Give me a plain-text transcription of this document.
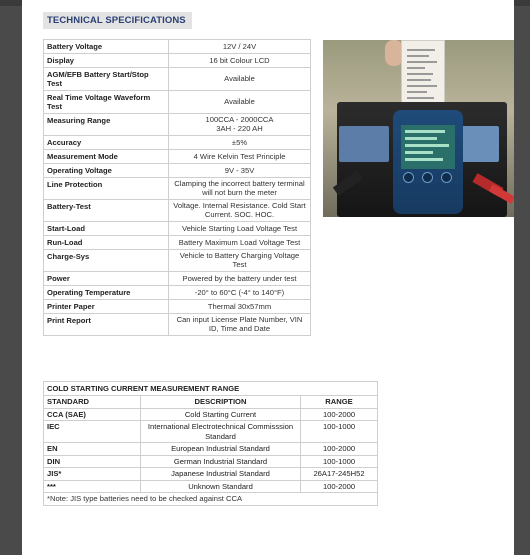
TECHNICAL SPECIFICATIONS
Battery Voltage	12V / 24V
Display	16 bit Colour LCD
AGM/EFB Battery Start/Stop Test	Available
Real Time Voltage Waveform Test	Available
Measuring Range	100CCA - 2000CCA
3AH - 220 AH
Accuracy	±5%
Measurement Mode	4 Wire Kelvin Test Principle
Operating Voltage	9V - 35V
Line Protection	Clamping the incorrect battery terminal will not burn the meter
Battery-Test	Voltage. Internal Resistance. Cold Start Current. SOC. HOC.
Start-Load	Vehicle Starting Load Voltage Test
Run-Load	Battery Maximum Load Voltage Test
Charge-Sys	Vehicle to Battery Charging Voltage Test
Power	Powered by the battery under test
Operating Temperature	-20° to 60°C (-4° to 140°F)
Printer Paper	Thermal 30x57mm
Print Report	Can input License Plate Number, VIN ID, Time and Date
COLD STARTING CURRENT MEASUREMENT RANGE		
STANDARD	DESCRIPTION	RANGE
CCA (SAE)	Cold Starting Current	100-2000
IEC	International Electrotechnical Commisssion Standard	100-1000
EN	European Industrial Standard	100-2000
DIN	German Industrial Standard	100-1000
JIS*	Japanese Industrial Standard	26A17-245H52
***	Unknown Standard	100-2000
*Note: JIS type batteries need to be checked against CCA		
